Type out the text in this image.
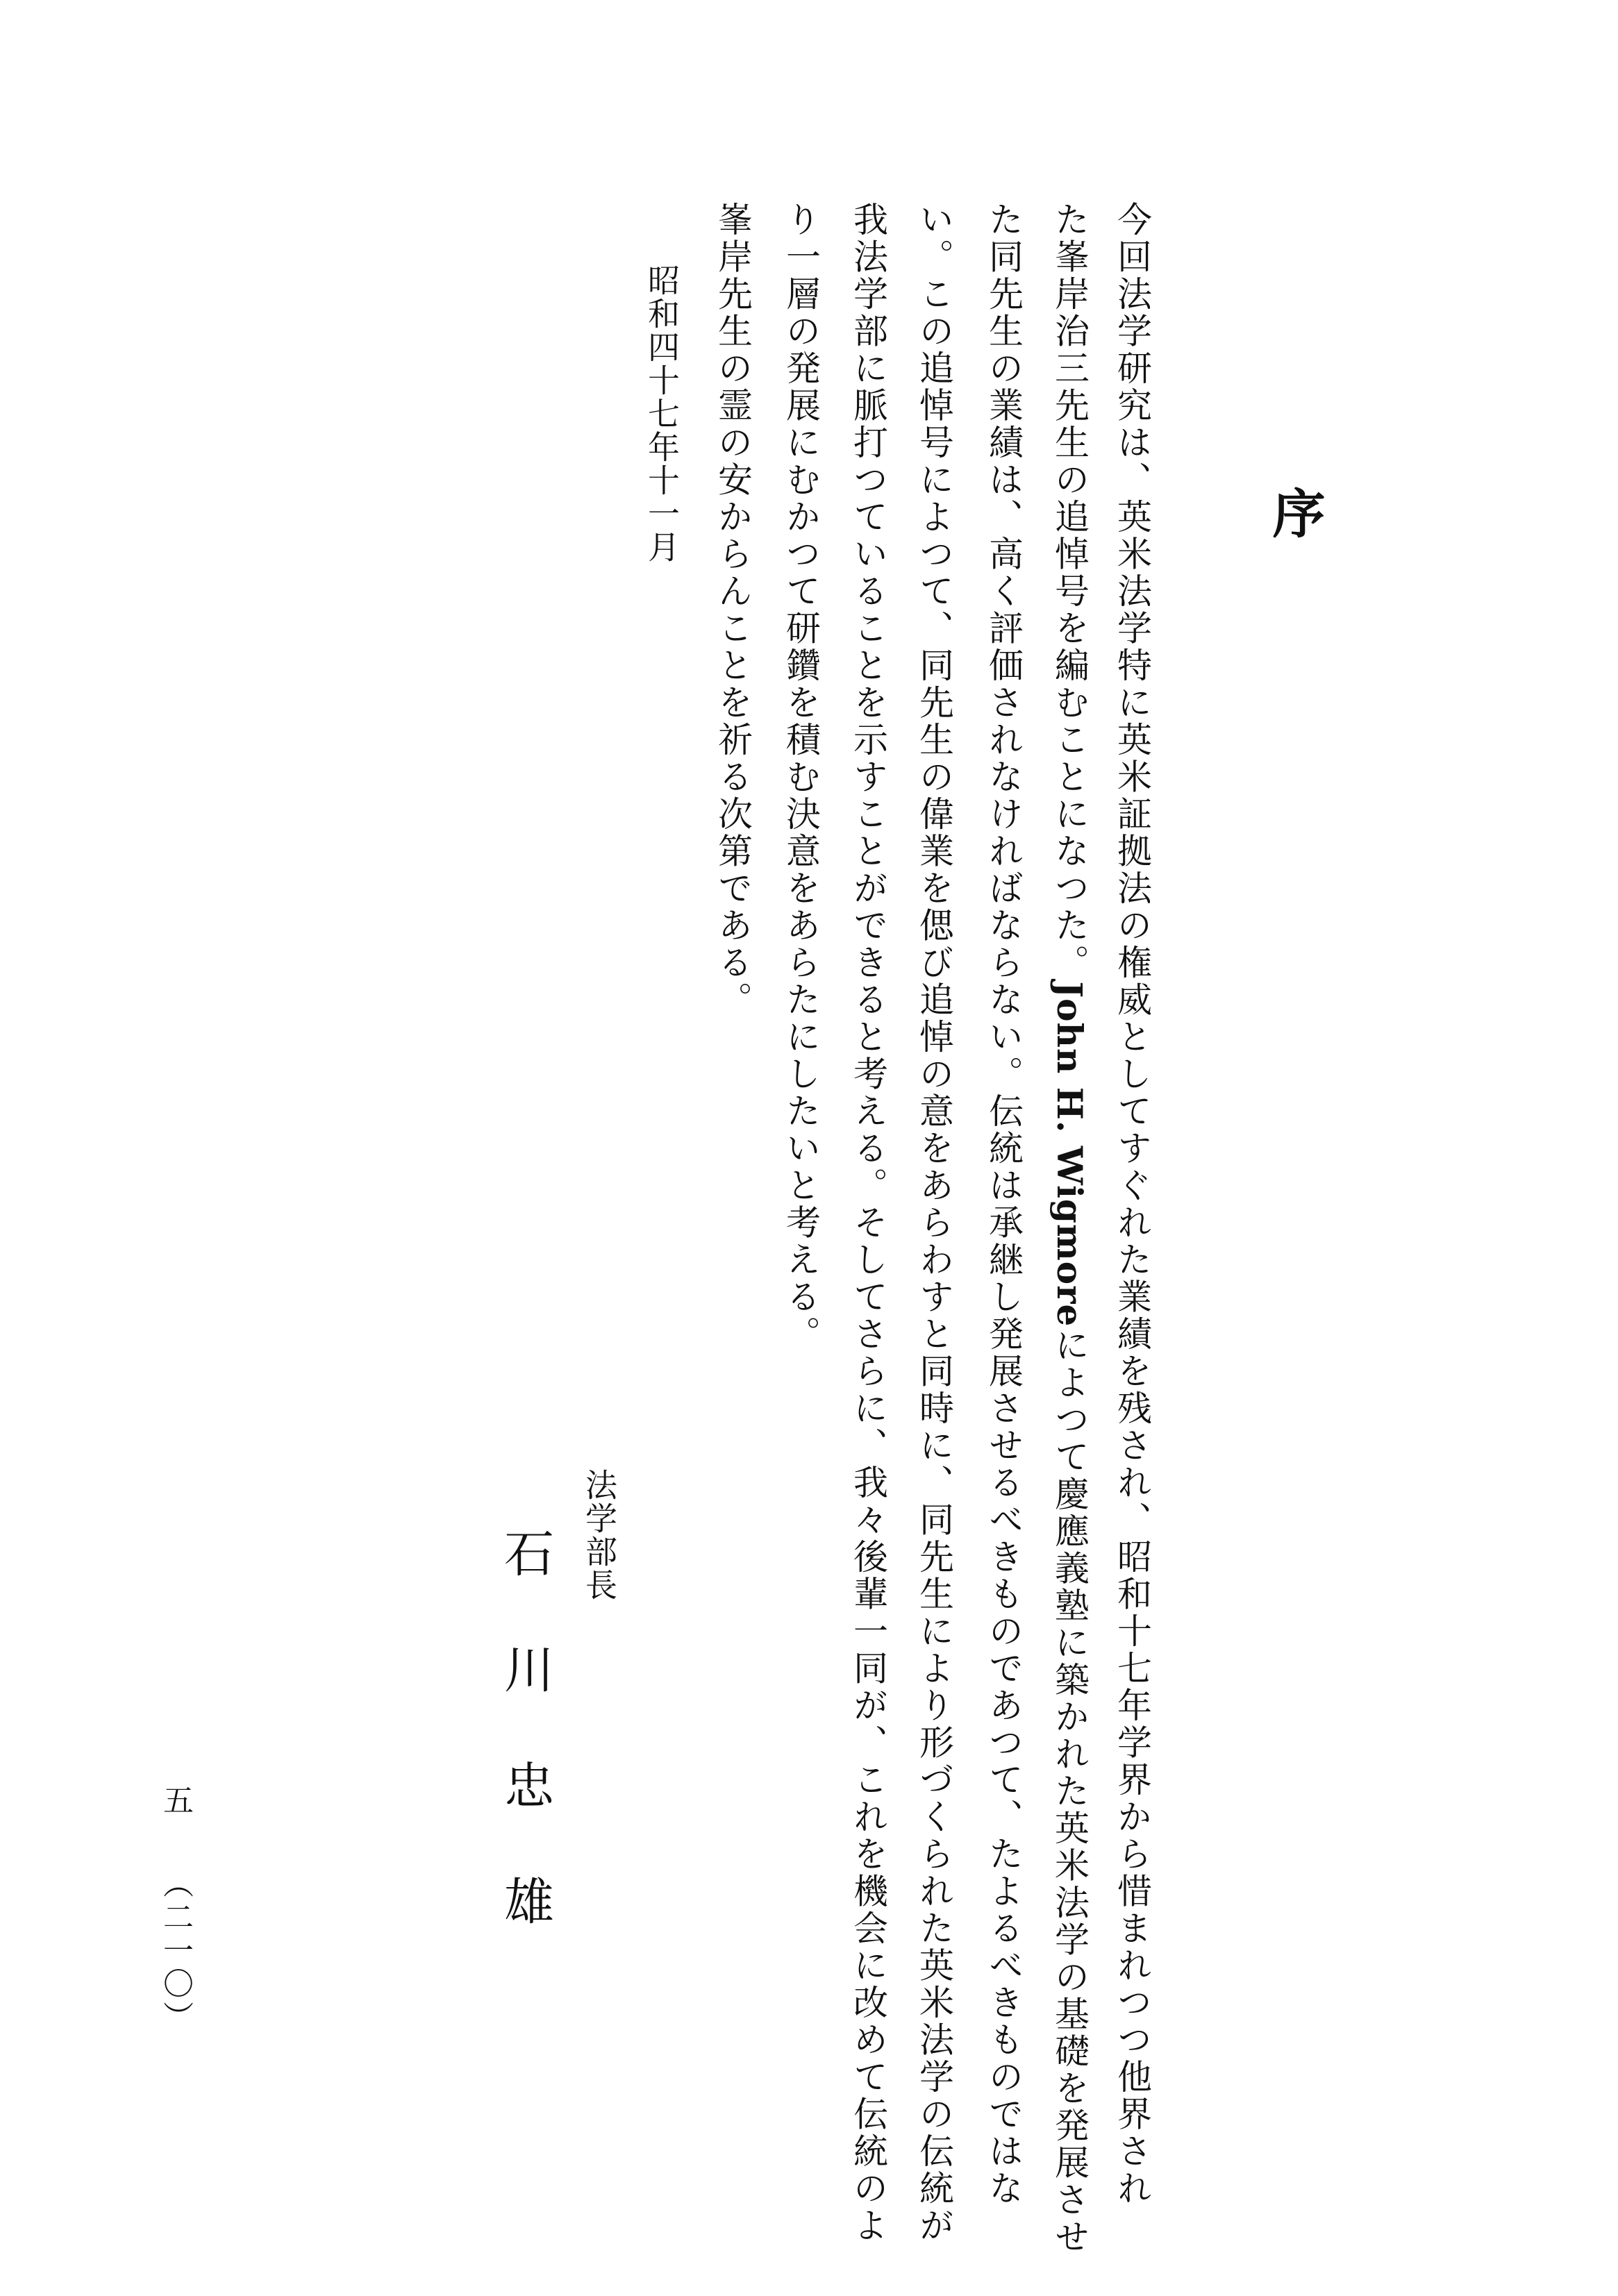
序
今回法学研究は、英米法学特に英米証拠法の権威としてすぐれた業績を残され、昭和十七年学界から惜まれつつ他界され
た峯岸治三先生の追悼号を編むことになつた。John H. Wigmoreによつて慶應義塾に築かれた英米法学の基礎を発展させ
た同先生の業績は、高く評価されなければならない。伝統は承継し発展させるべきものであつて、たよるべきものではな
い。この追悼号によつて、同先生の偉業を偲び追悼の意をあらわすと同時に、同先生により形づくられた英米法学の伝統が
我法学部に脈打つていることを示すことができると考える。そしてさらに、我々後輩一同が、これを機会に改めて伝統のよ
り一層の発展にむかつて研鑽を積む決意をあらたにしたいと考える。
峯岸先生の霊の安からんことを祈る次第である。
昭和四十七年十一月
法学部長
石川忠雄
五
（二一〇）
